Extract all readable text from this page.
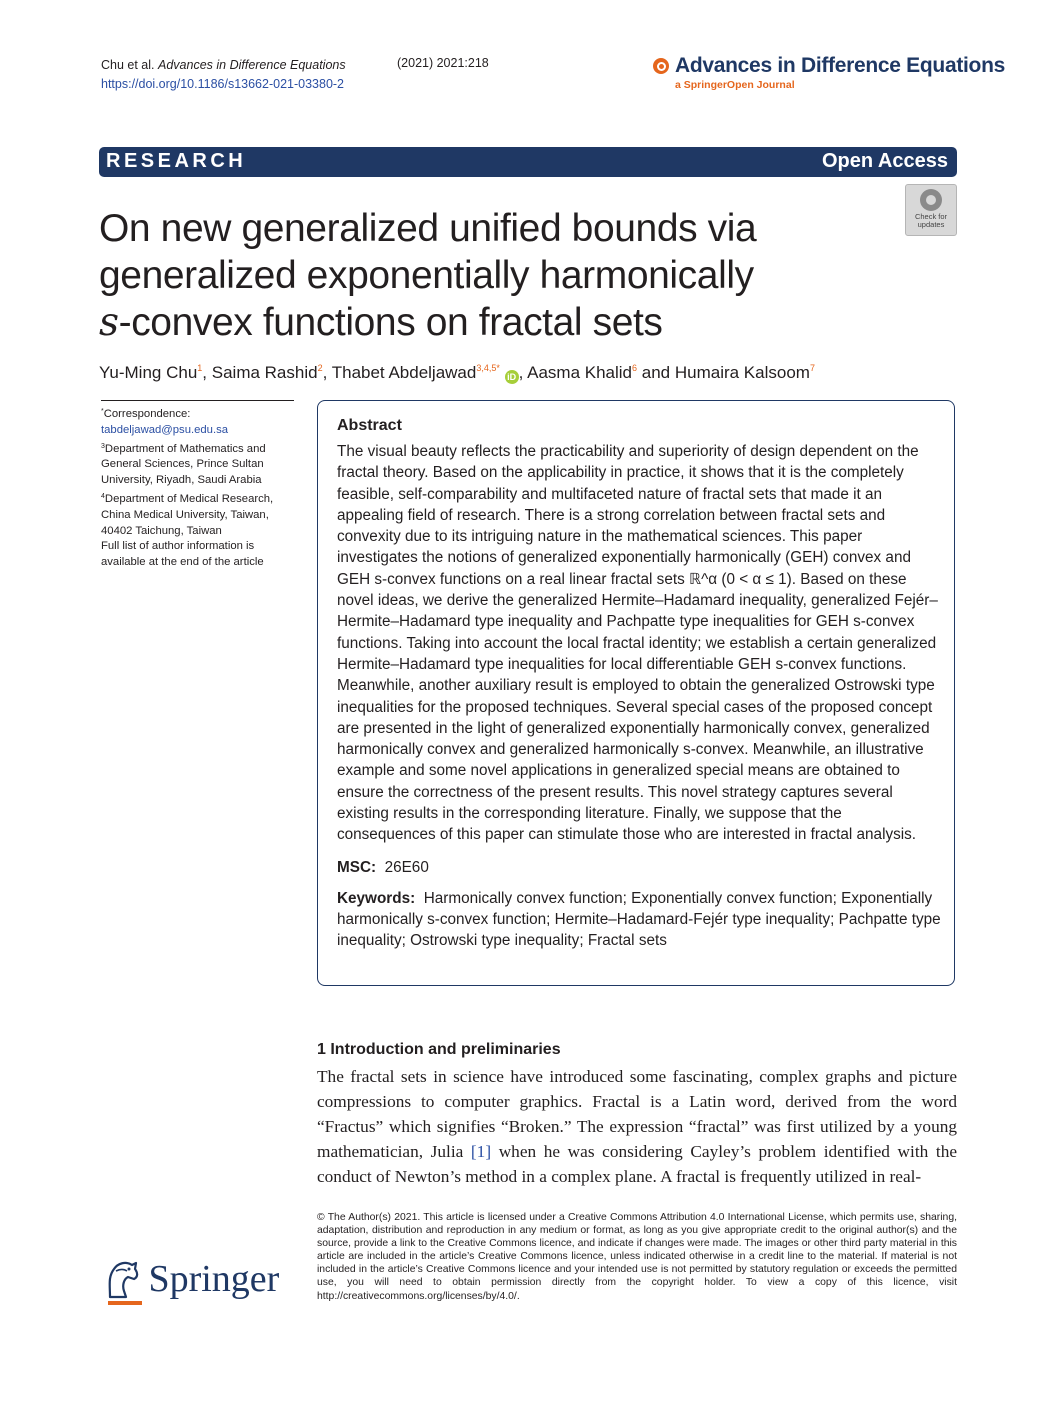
Chu et al. Advances in Difference Equations
https://doi.org/10.1186/s13662-021-03380-2
(2021) 2021:218	Advances in Difference Equations
a SpringerOpen Journal
RESEARCH	Open Access
Check for
updates
On new generalized unified bounds via
generalized exponentially harmonically
s-convex functions on fractal sets
Yu-Ming Chu$^1$, Saima Rashid$^2$, Thabet Abdeljawad$^{3,4,5*}$ iD , Aasma Khalid$^6$ and Humaira Kalsoom$^7$
*Correspondence:
tabdeljawad@psu.edu.sa
$^3$Department of Mathematics and General Sciences, Prince Sultan University, Riyadh, Saudi Arabia
$^4$Department of Medical Research, China Medical University, Taiwan, 40402 Taichung, Taiwan
Full list of author information is available at the end of the article
Abstract
The visual beauty reflects the practicability and superiority of design dependent on the fractal theory. Based on the applicability in practice, it shows that it is the completely feasible, self-comparability and multifaceted nature of fractal sets that made it an appealing field of research. There is a strong correlation between fractal sets and convexity due to its intriguing nature in the mathematical sciences. This paper investigates the notions of generalized exponentially harmonically (GEH) convex and GEH s-convex functions on a real linear fractal sets ℝ^α (0 < α ≤ 1). Based on these novel ideas, we derive the generalized Hermite–Hadamard inequality, generalized Fejér–Hermite–Hadamard type inequality and Pachpatte type inequalities for GEH s-convex functions. Taking into account the local fractal identity; we establish a certain generalized Hermite–Hadamard type inequalities for local differentiable GEH s-convex functions. Meanwhile, another auxiliary result is employed to obtain the generalized Ostrowski type inequalities for the proposed techniques. Several special cases of the proposed concept are presented in the light of generalized exponentially harmonically convex, generalized harmonically convex and generalized harmonically s-convex. Meanwhile, an illustrative example and some novel applications in generalized special means are obtained to ensure the correctness of the present results. This novel strategy captures several existing results in the corresponding literature. Finally, we suppose that the consequences of this paper can stimulate those who are interested in fractal analysis.
MSC: 26E60
Keywords: Harmonically convex function; Exponentially convex function; Exponentially harmonically s-convex function; Hermite–Hadamard-Fejér type inequality; Pachpatte type inequality; Ostrowski type inequality; Fractal sets
1 Introduction and preliminaries
The fractal sets in science have introduced some fascinating, complex graphs and picture compressions to computer graphics. Fractal is a Latin word, derived from the word “Fractus” which signifies “Broken.” The expression “fractal” was first utilized by a young mathematician, Julia [1] when he was considering Cayley’s problem identified with the conduct of Newton’s method in a complex plane. A fractal is frequently utilized in real-
© The Author(s) 2021. This article is licensed under a Creative Commons Attribution 4.0 International License, which permits use, sharing, adaptation, distribution and reproduction in any medium or format, as long as you give appropriate credit to the original author(s) and the source, provide a link to the Creative Commons licence, and indicate if changes were made. The images or other third party material in this article are included in the article’s Creative Commons licence, unless indicated otherwise in a credit line to the material. If material is not included in the article’s Creative Commons licence and your intended use is not permitted by statutory regulation or exceeds the permitted use, you will need to obtain permission directly from the copyright holder. To view a copy of this licence, visit http://creativecommons.org/licenses/by/4.0/.
Springer
